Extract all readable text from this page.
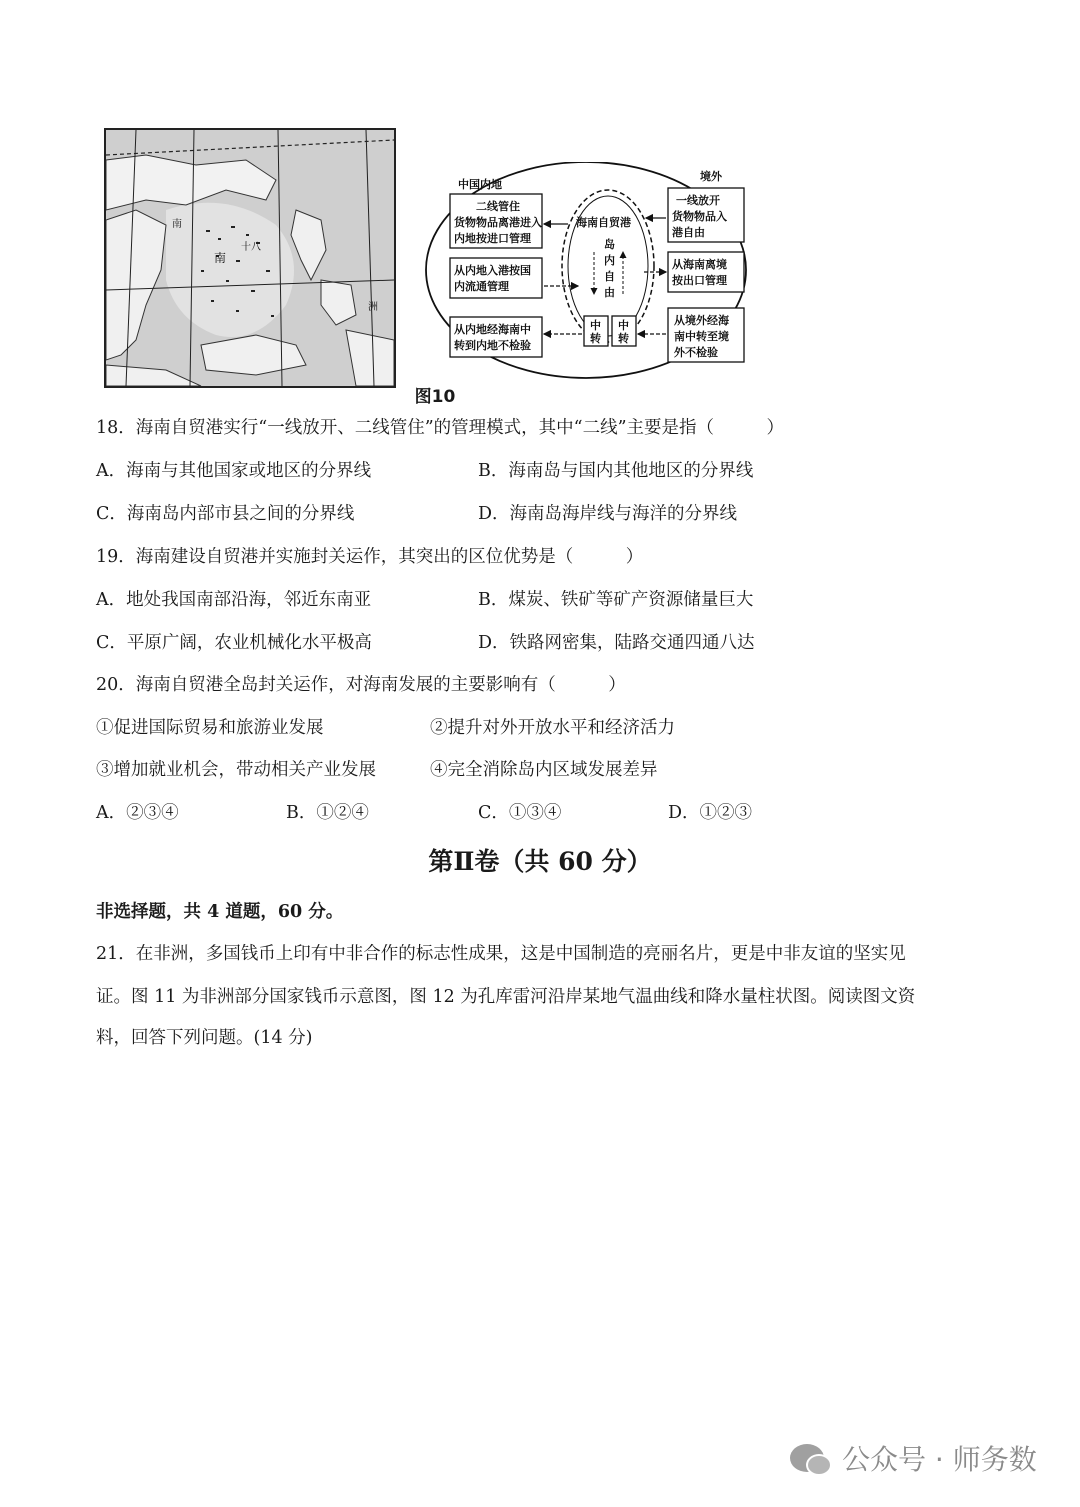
南
南
十八
洲
中国内地
境外
海南自贸港
岛
内
自
由
二线管住
货物物品离港进入
内地按进口管理
从内地入港按国
内流通管理
从内地经海南中
转到内地不检验
一线放开
货物物品入
港自由
从海南离境
按出口管理
从境外经海
南中转至境
外不检验
中
转
中
转
图10
18．海南自贸港实行“一线放开、二线管住”的管理模式，其中“二线”主要是指（　　　）
A．海南与其他国家或地区的分界线	B．海南岛与国内其他地区的分界线
C．海南岛内部市县之间的分界线	D．海南岛海岸线与海洋的分界线
19．海南建设自贸港并实施封关运作，其突出的区位优势是（　　　）
A．地处我国南部沿海，邻近东南亚	B．煤炭、铁矿等矿产资源储量巨大
C．平原广阔，农业机械化水平极高	D．铁路网密集，陆路交通四通八达
20．海南自贸港全岛封关运作，对海南发展的主要影响有（　　　）
①促进国际贸易和旅游业发展	②提升对外开放水平和经济活力
③增加就业机会，带动相关产业发展	④完全消除岛内区域发展差异
A．②③④	B．①②④	C．①③④	D．①②③
第Ⅱ卷（共 60 分）
非选择题，共 4 道题，60 分。
21．在非洲，多国钱币上印有中非合作的标志性成果，这是中国制造的亮丽名片，更是中非友谊的坚实见
证。图 11 为非洲部分国家钱币示意图，图 12 为孔库雷河沿岸某地气温曲线和降水量柱状图。阅读图文资
料，回答下列问题。(14 分)
公众号 · 师务数
